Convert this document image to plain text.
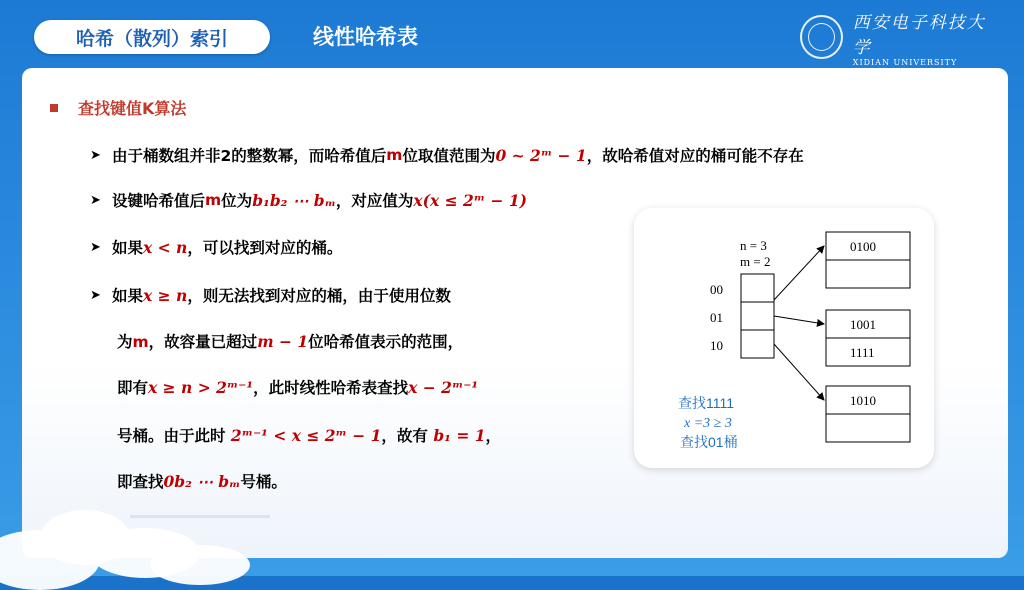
哈希（散列）索引	线性哈希表
西安电子科技大学
XIDIAN UNIVERSITY
查找键值K算法
➤ 由于桶数组并非2的整数幂，而哈希值后 m 位取值范围为 0 ~ 2ᵐ − 1 ，故哈希值对应的桶可能不存在
➤ 设键哈希值后 m 位为 b₁b₂ ⋯ bₘ ，对应值为 x(x ≤ 2ᵐ − 1)
➤ 如果 x < n ，可以找到对应的桶。
➤ 如果 x ≥ n ，则无法找到对应的桶，由于使用位数
为m，故容量已超过m − 1位哈希值表示的范围，
即有x ≥ n > 2ᵐ⁻¹，此时线性哈希表查找x − 2ᵐ⁻¹
号桶。由于此时 2ᵐ⁻¹ < x ≤ 2ᵐ − 1，故有 b₁ = 1，
即查找0b₂ ⋯ bₘ号桶。
n = 3
m = 2
00
01
10
0100
1001
1111
1010
查找1111
x =3 ≥ 3
查找01桶
